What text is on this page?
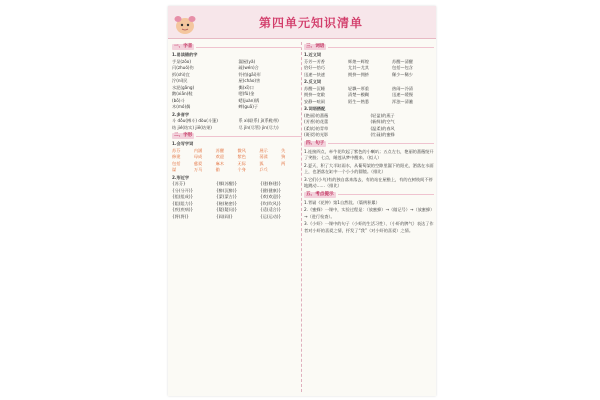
第四单元知识清单
一、字音
1.易读错的字
手呆(zōo)	漏屋(yǎ)
闪(zhuó)伤	疏(wén)合
拆(shì)宜	铃铛(gāi)形
泞(ní)民	屋(cháo)害
水泥(gāng)	撕(xī)口
鹅(xiān)鞋	嗯(fǔ)金
(bō)斗	蟋(juàn)锅
木(mó)偶	蟀(guā)子
2.多音字
斗 dǒu(搏斗) dòu(斗篷)	系 xì(联系) jì(系鞋带)
结 jié(结实) jiē(结果)	尽 jǐn(尽管) jìn(尽力)
二、字形
1.会写字词
苏芬	内涵	苏醒	微风	展示	失
修建	母成	欢迎	紫色	荡漾	狗
包括	慈爱	麻木	无际	狐	两
谋	万马	偷	个身	乒乓
2.形近字
{苏芬}	{娜(苏醒)}	{建(修建)}
{分(分开)}	{醉(沉醉)}	{健(健康)}
{组(组成)}	{蒙(蒙古)}	{欢(欢迎)}
{阻(阻力)}	{秘(秘密)}	{吹(吹风)}
{疾(疾病)}	{疑(疑问)}	{适(适合)}
{将(将)}	{阎(阎)}	{运(运动)}
三、词语
1.近义词
芬芳—芳香	辉煌—辉煌	苏醒—清醒
恰好—恰巧	尤其—尤其	包括—包含
迅速—快速	拥挤—拥挤	稀少—稀少
2.反义词
苏醒—沉睡	轻飘—厚重	热闹—冷清
拥挤—宽敞	清楚—模糊	迅速—缓慢
安静—喧闹	陌生—熟悉	浑浊—清澈
3.词语搭配
(艳丽)的蔷薇	(轻盈)的燕子
(芳香)的花蕾	(新鲜)的空气
(柔软)的青草	(温柔)的春风
(斑驳)的光影	(忙碌)的蜜蜂
四、句子
1.连接四点，牵牛花吹起了紫色的小喇叭；五点左右，艳丽的蔷薇绽开了笑脸；七点，睡莲从梦中醒来。（拟人）
2.夏天，积了大半缸雨水，从葡萄架的空隙里漏下的阳光，洒落在水面上，也洒落在缸中一个小小的圆镜。（排比）
3.它们(小鸟)有的独自落来落去，有的站在屋檐上，有的在树枝间不停地跳动……（排比）
五、考点提示
1.背诵《花钟》第1自然段。（篇例积累）
2.《蜜蜂》一课中，实验过程是：（放蜜蜂）→（做记号）→（放蜜蜂）→（进行检查）。
3.《小虾》一课中的句子（小虾的生活习性）、（小虾的脾气）表达了作者对小虾的喜爱之情，抒发了“我”（对小虾的喜爱）之情。
